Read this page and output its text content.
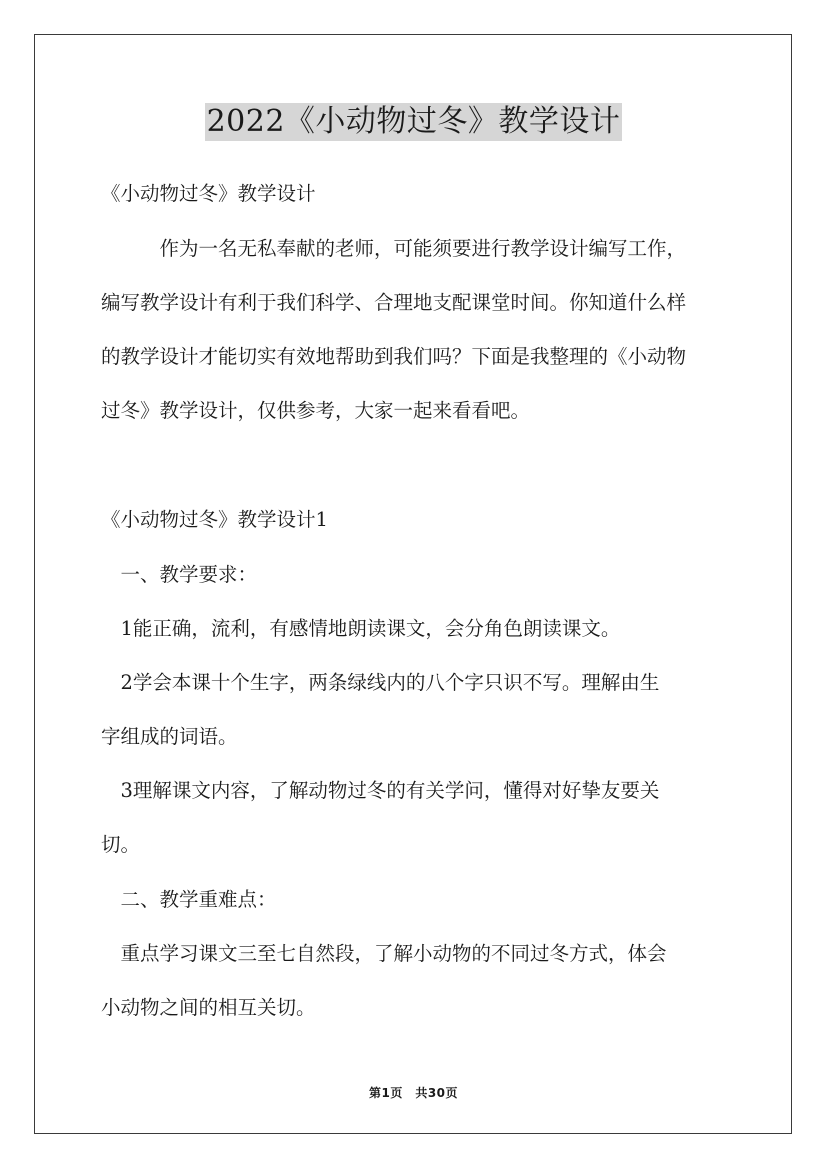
2022《小动物过冬》教学设计
《小动物过冬》教学设计
　　　作为一名无私奉献的老师，可能须要进行教学设计编写工作，
编写教学设计有利于我们科学、合理地支配课堂时间。你知道什么样
的教学设计才能切实有效地帮助到我们吗？下面是我整理的《小动物
过冬》教学设计，仅供参考，大家一起来看看吧。
《小动物过冬》教学设计1
　一、教学要求：
　1能正确，流利，有感情地朗读课文，会分角色朗读课文。
　2学会本课十个生字，两条绿线内的八个字只识不写。理解由生
字组成的词语。
　3理解课文内容，了解动物过冬的有关学问，懂得对好挚友要关
切。
　二、教学重难点：
　重点学习课文三至七自然段，了解小动物的不同过冬方式，体会
小动物之间的相互关切。
第1页　共30页
